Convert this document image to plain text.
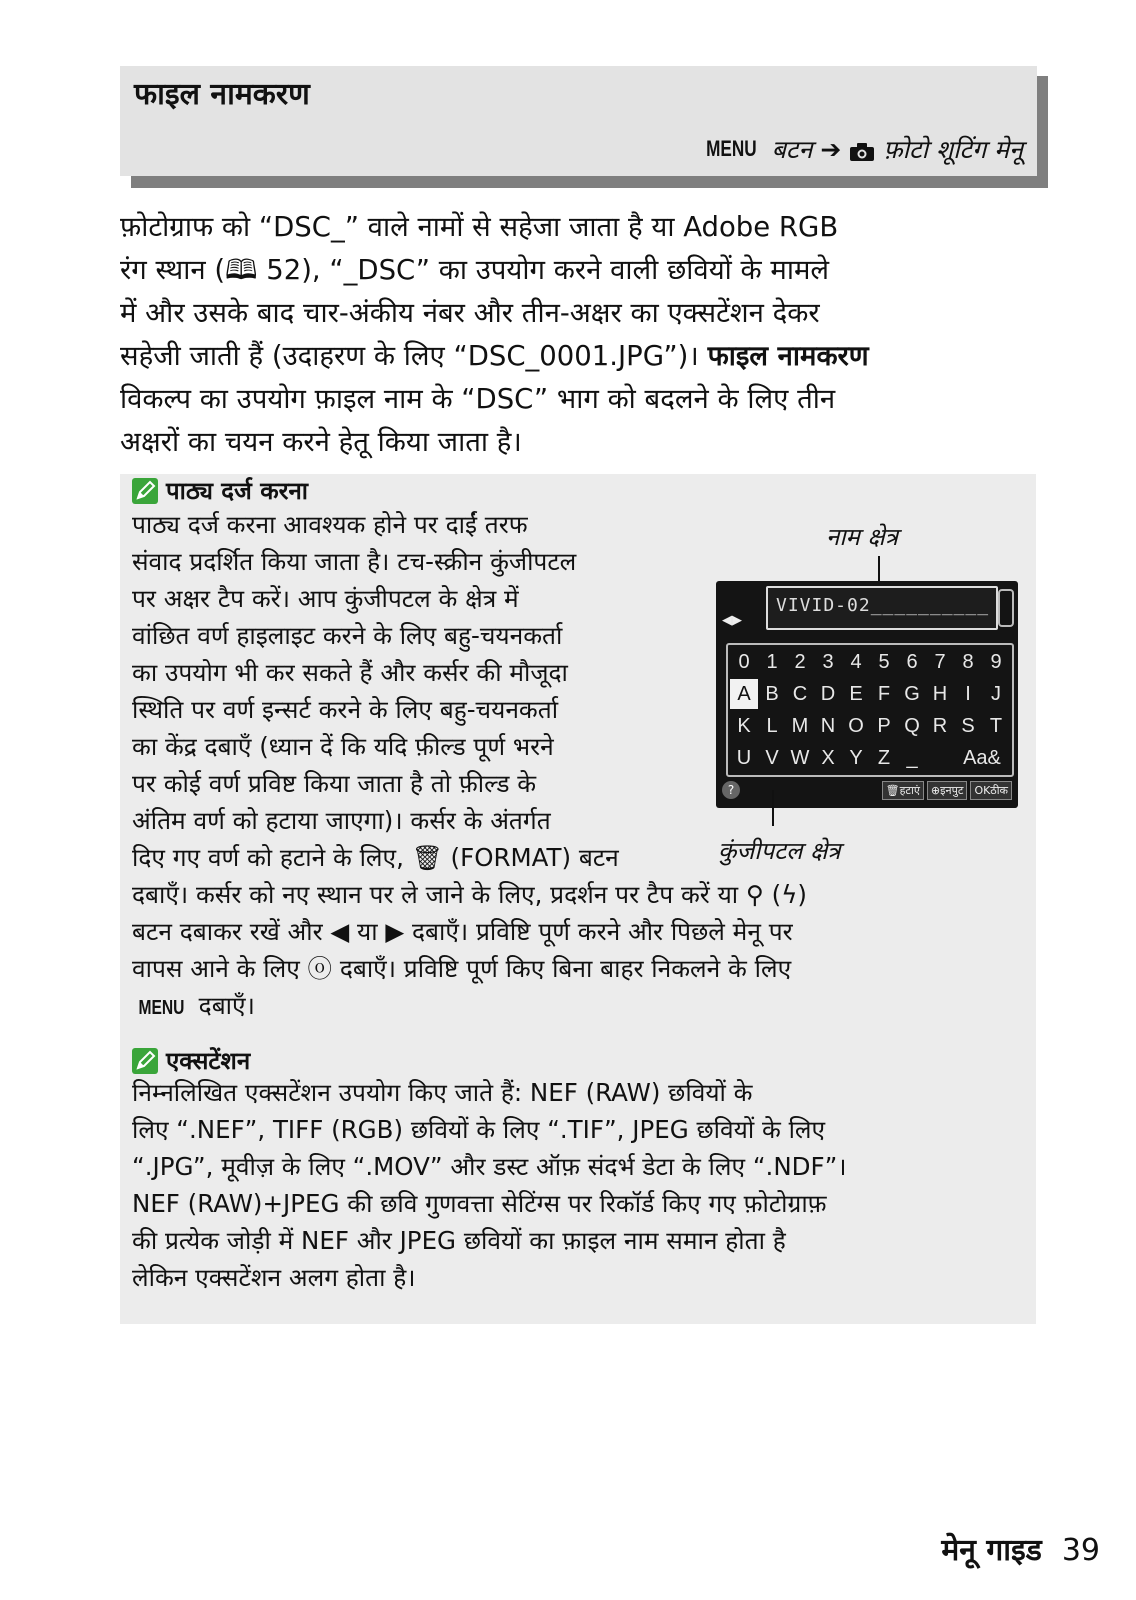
फाइल नामकरण
MENU बटन ➔ फ़ोटो शूटिंग मेनू

फ़ोटोग्राफ को “DSC_” वाले नामों से सहेजा जाता है या Adobe RGB

रंग स्थान (🕮 52), “_DSC” का उपयोग करने वाली छवियों के मामले

में और उसके बाद चार-अंकीय नंबर और तीन-अक्षर का एक्सटेंशन देकर

सहेजी जाती हैं (उदाहरण के लिए “DSC_0001.JPG”)। फाइल नामकरण

विकल्प का उपयोग फ़ाइल नाम के “DSC” भाग को बदलने के लिए तीन

अक्षरों का चयन करने हेतू किया जाता है।

पाठ्य दर्ज करना

पाठ्य दर्ज करना आवश्यक होने पर दाईं तरफ

संवाद प्रदर्शित किया जाता है। टच-स्क्रीन कुंजीपटल

पर अक्षर टैप करें। आप कुंजीपटल के क्षेत्र में

वांछित वर्ण हाइलाइट करने के लिए बहु-चयनकर्ता

का उपयोग भी कर सकते हैं और कर्सर की मौजूदा

स्थिति पर वर्ण इन्सर्ट करने के लिए बहु-चयनकर्ता

का केंद्र दबाएँ (ध्यान दें कि यदि फ़ील्ड पूर्ण भरने

पर कोई वर्ण प्रविष्ट किया जाता है तो फ़ील्ड के

अंतिम वर्ण को हटाया जाएगा)। कर्सर के अंतर्गत

दिए गए वर्ण को हटाने के लिए, 🗑 (FORMAT) बटन

दबाएँ। कर्सर को नए स्थान पर ले जाने के लिए, प्रदर्शन पर टैप करें या ⚲ (ϟ)

बटन दबाकर रखें और ◀ या ▶ दबाएँ। प्रविष्टि पूर्ण करने और पिछले मेनू पर

वापस आने के लिए ⓞ दबाएँ। प्रविष्टि पूर्ण किए बिना बाहर निकलने के लिए

MENU दबाएँ।

एक्सटेंशन

निम्नलिखित एक्सटेंशन उपयोग किए जाते हैं: NEF (RAW) छवियों के

लिए “.NEF”, TIFF (RGB) छवियों के लिए “.TIF”, JPEG छवियों के लिए

“.JPG”, मूवीज़ के लिए “.MOV” और डस्ट ऑफ़ संदर्भ डेटा के लिए “.NDF”।

NEF (RAW)+JPEG की छवि गुणवत्ता सेटिंग्स पर रिकॉर्ड किए गए फ़ोटोग्राफ़

की प्रत्येक जोड़ी में NEF और JPEG छवियों का फ़ाइल नाम समान होता है

लेकिन एक्सटेंशन अलग होता है।

नाम क्षेत्र
◀▶
VIVID-02__________
0 1 2 3 4 5 6 7 8 9
A B C D E F G H I	J
K L M N O P Q R S T
U V W X Y Z _	Aa&
?	🗑हटाएं	⊕इनपुट	OKठीक
कुंजीपटल क्षेत्र
मेनू गाइड 39
